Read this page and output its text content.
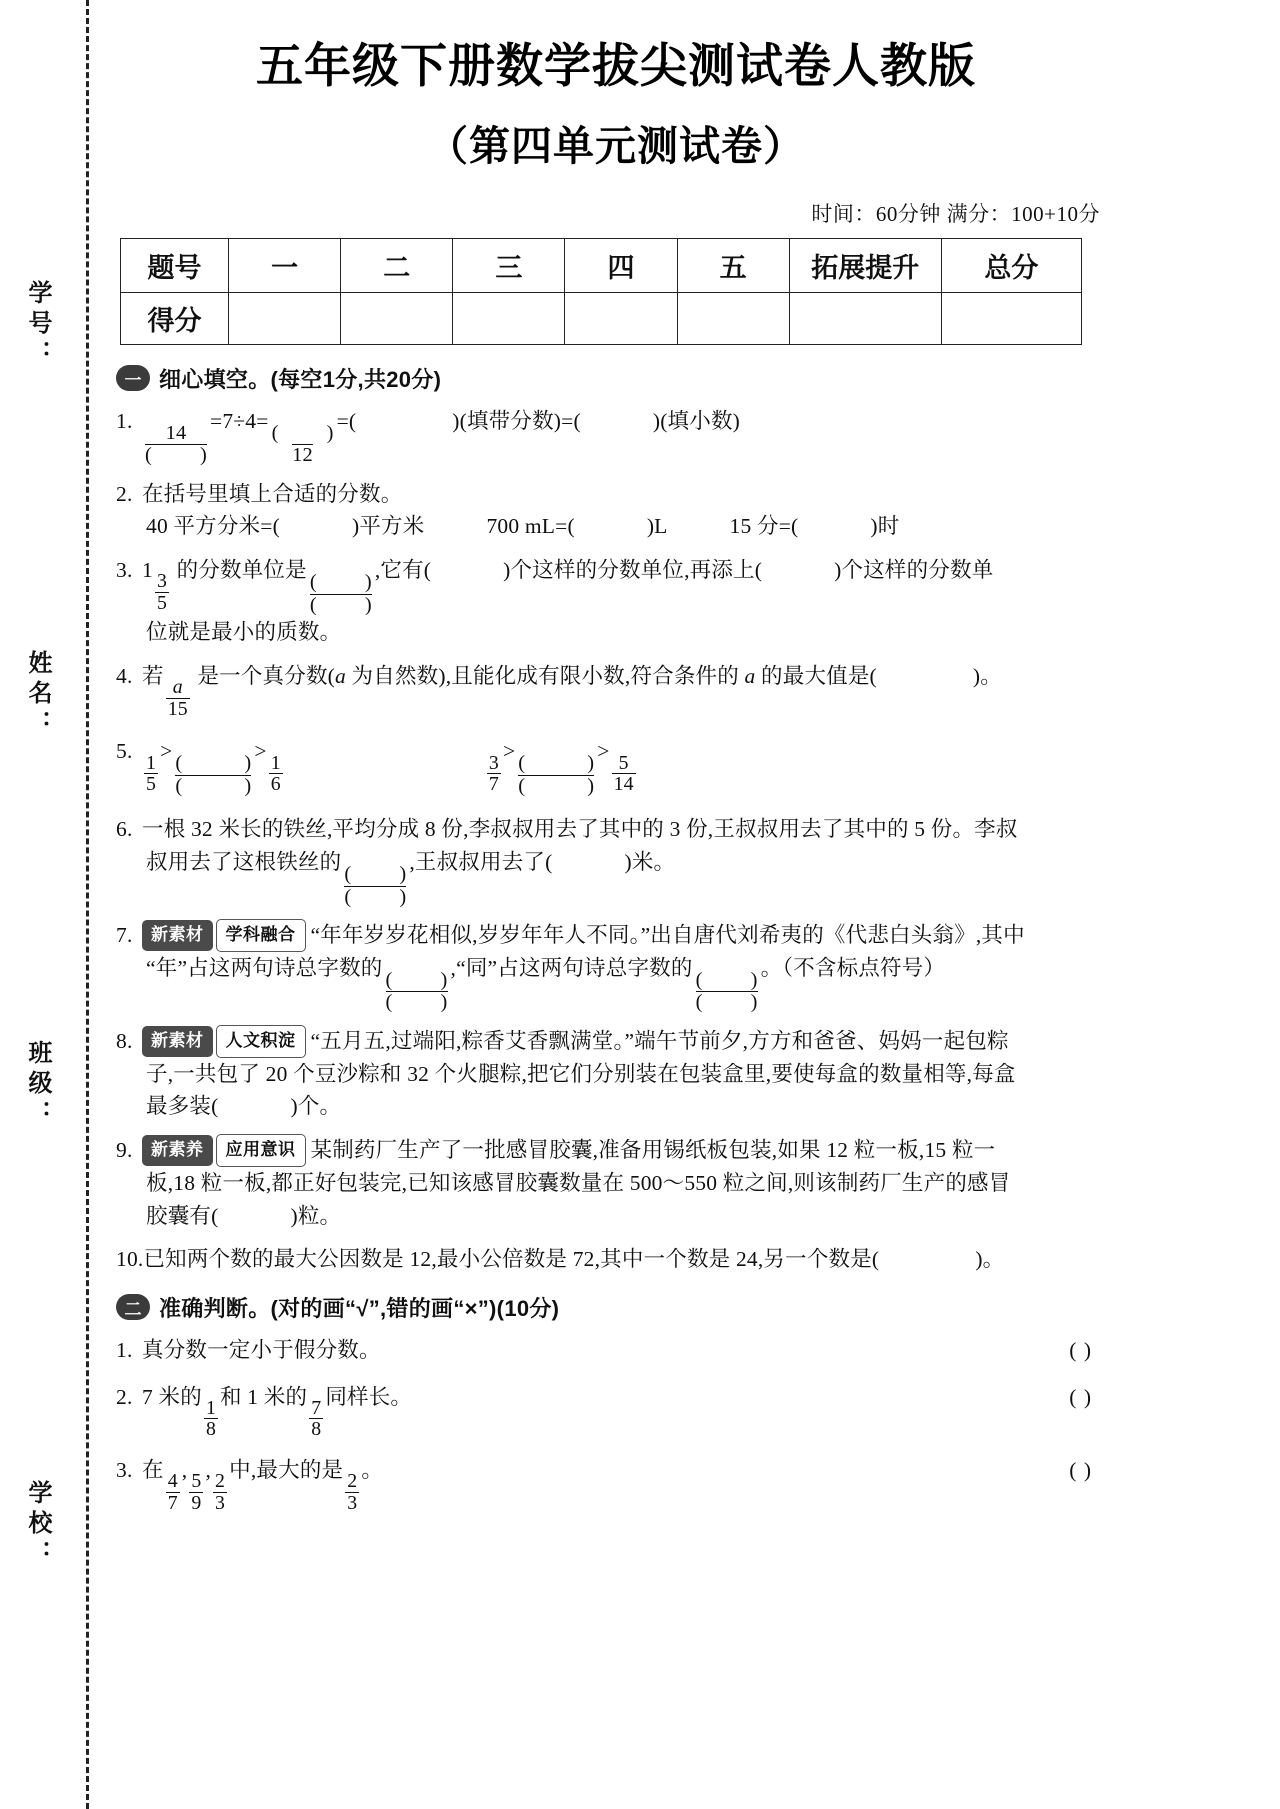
学号：
姓名：
班级：
学校：
五年级下册数学拔尖测试卷人教版
（第四单元测试卷）
时间：60分钟 满分：100+10分
题号	一	二	三	四	五	拓展提升	总分
得分							
一 细心填空。(每空1分,共20分)
1.
14
( )
=7÷4=
( )
12
=(	)(填带分数)=(	)(填小数)
2. 在括号里填上合适的分数。
40 平方分米=(	)平方米	700 mL=(	)L	15 分=(	)时
3. 1
$\frac{3}{5}$
的分数单位是
( )
( )
,它有(	)个这样的分数单位,再添上(	)个这样的分数单
位就是最小的质数。
4. 若
$\frac{a}{15}$
是一个真分数(a 为自然数),且能化成有限小数,符合条件的 a 的最大值是(	)。
5.
$\frac{1}{5}$
>
(	)
(	)
>
$\frac{1}{6}$	$\frac{3}{7}$
>
(	)
(	)
>
$\frac{5}{14}$
6. 一根 32 米长的铁丝,平均分成 8 份,李叔叔用去了其中的 3 份,王叔叔用去了其中的 5 份。李叔
叔用去了这根铁丝的
( )
( )
,王叔叔用去了(	)米。
7. 新素材 学科融合 “年年岁岁花相似,岁岁年年人不同。”出自唐代刘希夷的《代悲白头翁》,其中
“年”占这两句诗总字数的
( )
( )
,“同”占这两句诗总字数的
( )
( )
。（不含标点符号）
8. 新素材 人文积淀 “五月五,过端阳,粽香艾香飘满堂。”端午节前夕,方方和爸爸、妈妈一起包粽
子,一共包了 20 个豆沙粽和 32 个火腿粽,把它们分别装在包装盒里,要使每盒的数量相等,每盒
最多装(	)个。
9. 新素养 应用意识 某制药厂生产了一批感冒胶囊,准备用锡纸板包装,如果 12 粒一板,15 粒一
板,18 粒一板,都正好包装完,已知该感冒胶囊数量在 500～550 粒之间,则该制药厂生产的感冒
胶囊有(	)粒。
10.已知两个数的最大公因数是 12,最小公倍数是 72,其中一个数是 24,另一个数是(	)。
二 准确判断。(对的画“√”,错的画“×”)(10分)
( )
1. 真分数一定小于假分数。
( )
2. 7 米的
$\frac{1}{8}$
和 1 米的
$\frac{7}{8}$
同样长。
( )
3. 在
$\frac{4}{7}$
,
$\frac{5}{9}$
,
$\frac{2}{3}$
中,最大的是
$\frac{2}{3}$
。
